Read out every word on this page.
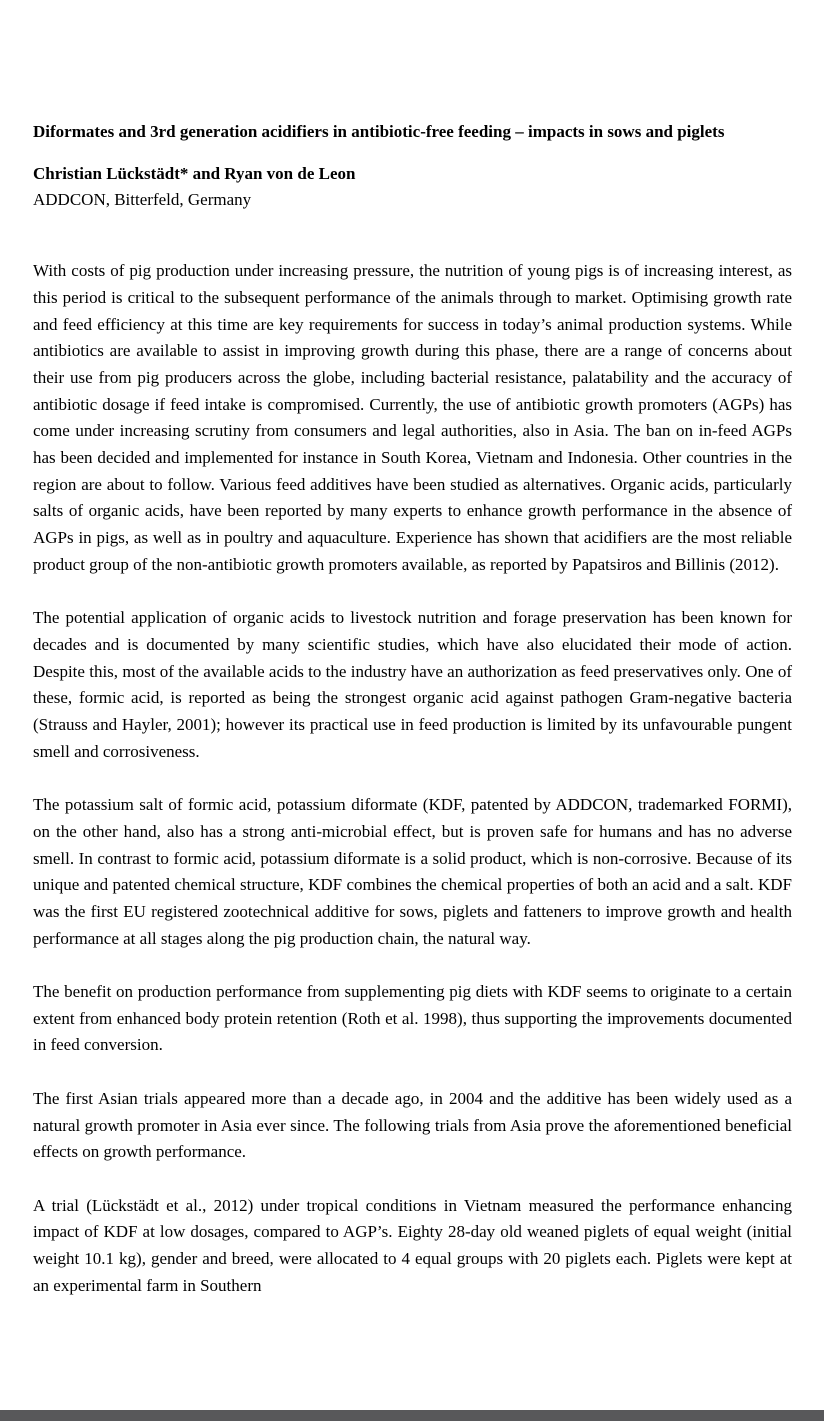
Diformates and 3rd generation acidifiers in antibiotic-free feeding – impacts in sows and piglets

Christian Lückstädt* and Ryan von de Leon

ADDCON, Bitterfeld, Germany

With costs of pig production under increasing pressure, the nutrition of young pigs is of increasing interest, as this period is critical to the subsequent performance of the animals through to market. Optimising growth rate and feed efficiency at this time are key requirements for success in today’s animal production systems. While antibiotics are available to assist in improving growth during this phase, there are a range of concerns about their use from pig producers across the globe, including bacterial resistance, palatability and the accuracy of antibiotic dosage if feed intake is compromised. Currently, the use of antibiotic growth promoters (AGPs) has come under increasing scrutiny from consumers and legal authorities, also in Asia. The ban on in-feed AGPs has been decided and implemented for instance in South Korea, Vietnam and Indonesia. Other countries in the region are about to follow. Various feed additives have been studied as alternatives. Organic acids, particularly salts of organic acids, have been reported by many experts to enhance growth performance in the absence of AGPs in pigs, as well as in poultry and aquaculture. Experience has shown that acidifiers are the most reliable product group of the non-antibiotic growth promoters available, as reported by Papatsiros and Billinis (2012).

The potential application of organic acids to livestock nutrition and forage preservation has been known for decades and is documented by many scientific studies, which have also elucidated their mode of action. Despite this, most of the available acids to the industry have an authorization as feed preservatives only. One of these, formic acid, is reported as being the strongest organic acid against pathogen Gram-negative bacteria (Strauss and Hayler, 2001); however its practical use in feed production is limited by its unfavourable pungent smell and corrosiveness.

The potassium salt of formic acid, potassium diformate (KDF, patented by ADDCON, trademarked FORMI), on the other hand, also has a strong anti-microbial effect, but is proven safe for humans and has no adverse smell. In contrast to formic acid, potassium diformate is a solid product, which is non-corrosive. Because of its unique and patented chemical structure, KDF combines the chemical properties of both an acid and a salt. KDF was the first EU registered zootechnical additive for sows, piglets and fatteners to improve growth and health performance at all stages along the pig production chain, the natural way.

The benefit on production performance from supplementing pig diets with KDF seems to originate to a certain extent from enhanced body protein retention (Roth et al. 1998), thus supporting the improvements documented in feed conversion.

The first Asian trials appeared more than a decade ago, in 2004 and the additive has been widely used as a natural growth promoter in Asia ever since. The following trials from Asia prove the aforementioned beneficial effects on growth performance.

A trial (Lückstädt et al., 2012) under tropical conditions in Vietnam measured the performance enhancing impact of KDF at low dosages, compared to AGP’s. Eighty 28-day old weaned piglets of equal weight (initial weight 10.1 kg), gender and breed, were allocated to 4 equal groups with 20 piglets each. Piglets were kept at an experimental farm in Southern
